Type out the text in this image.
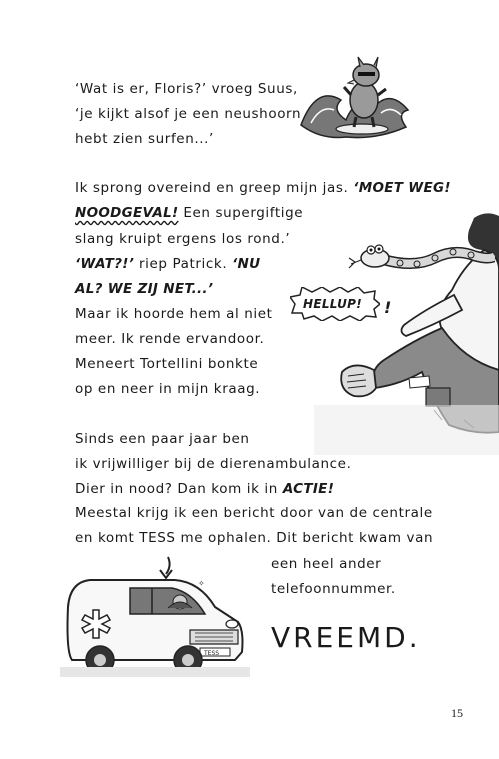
‘Wat is er, Floris?’ vroeg Suus,
‘je kijkt alsof je een neushoorn
hebt zien surfen...’
Ik sprong overeind en greep mijn jas. ‘MOET WEG!
NOODGEVAL! Een supergiftige
slang kruipt ergens los rond.’
‘WAT?!’ riep Patrick. ‘NU
AL? WE ZIJ NET...’
Maar ik hoorde hem al niet
meer. Ik rende ervandoor.
Meneert Tortellini bonkte
op en neer in mijn kraag.
HELLUP! !
Sinds een paar jaar ben
ik vrijwilliger bij de dierenambulance.
Dier in nood? Dan kom ik in ACTIE!
Meestal krijg ik een bericht door van de centrale
en komt TESS me ophalen. Dit bericht kwam van
een heel ander
telefoonnummer.
✧
TESS VREEMD.
15
